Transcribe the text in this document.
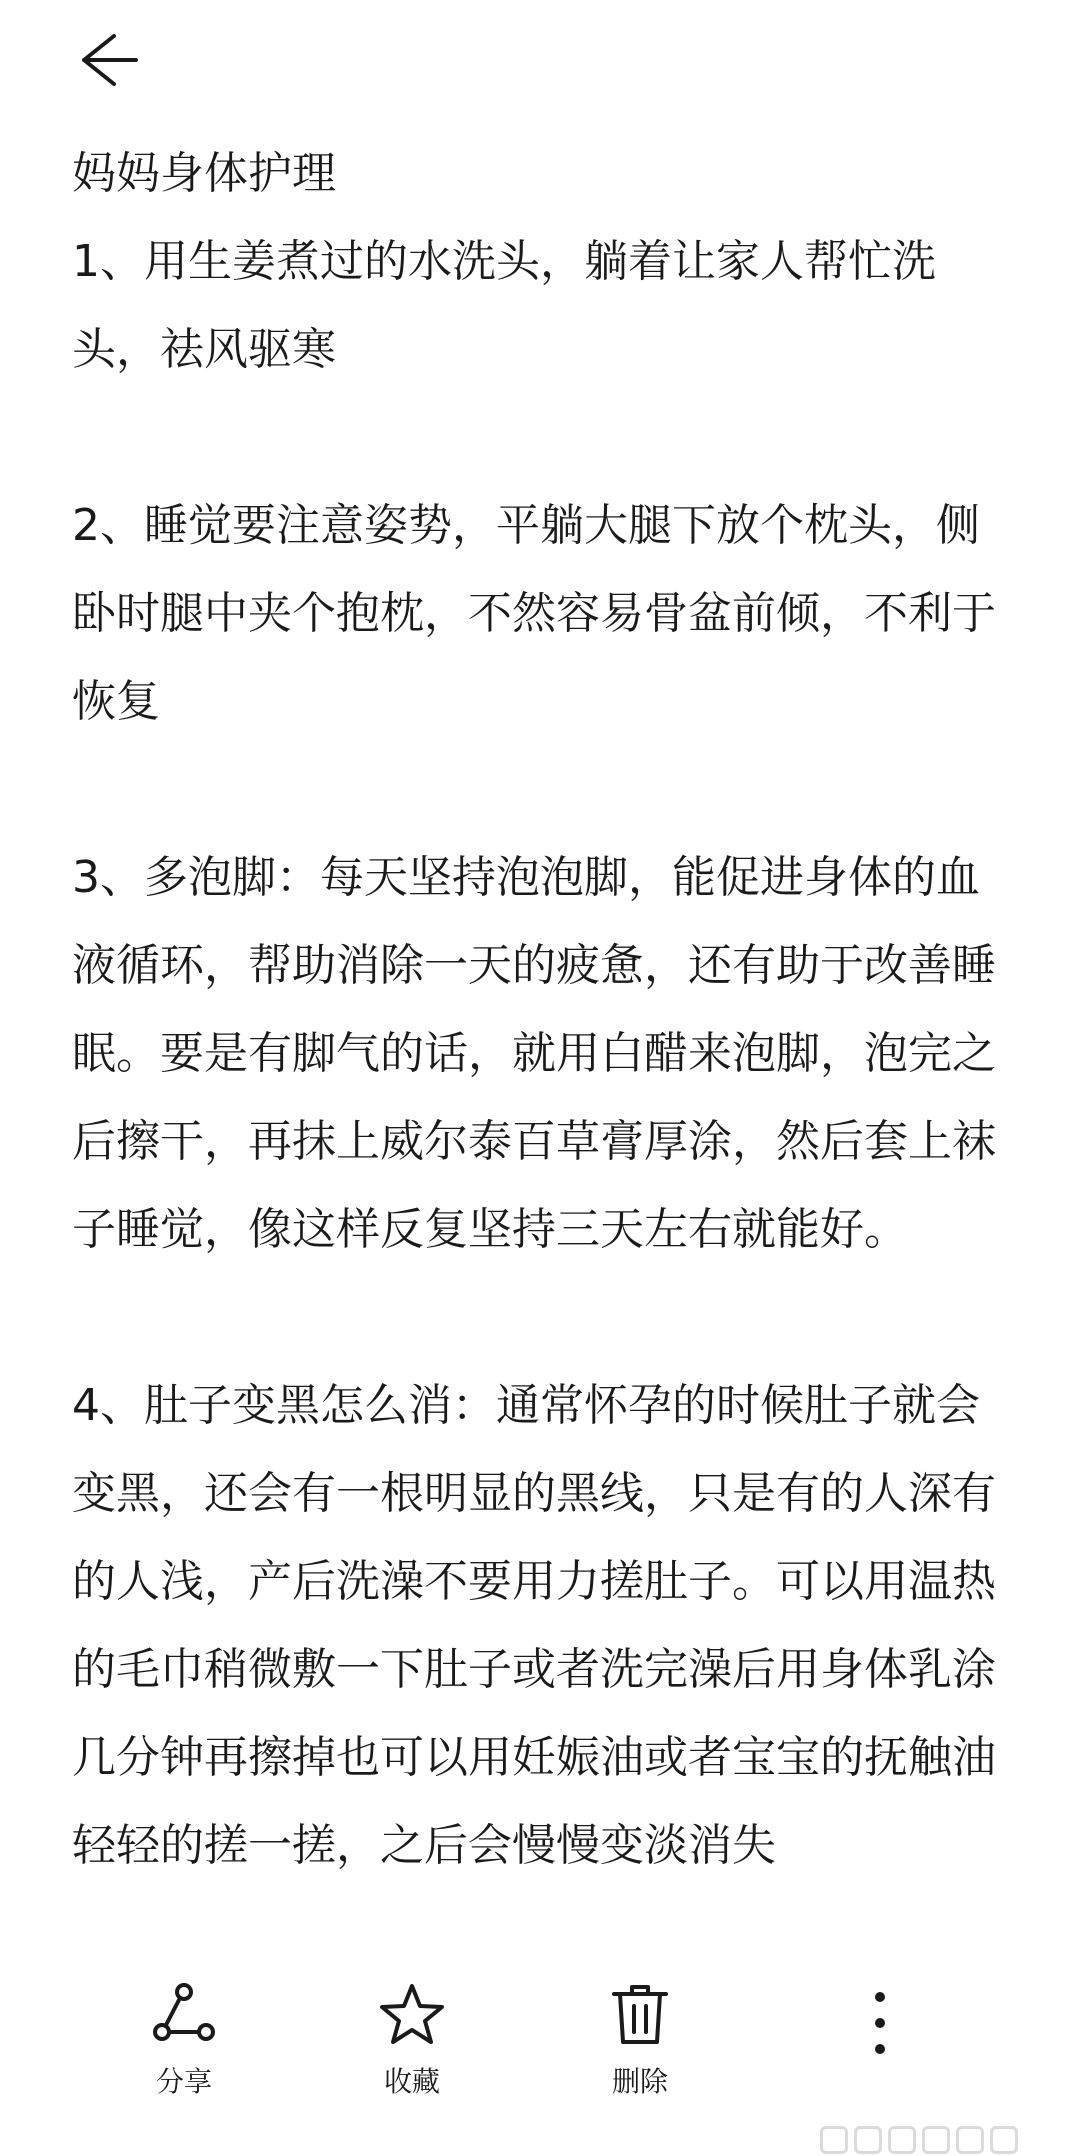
妈妈身体护理

1、用生姜煮过的水洗头，躺着让家人帮忙洗头，祛风驱寒

2、睡觉要注意姿势，平躺大腿下放个枕头，侧卧时腿中夹个抱枕，不然容易骨盆前倾，不利于恢复

3、多泡脚：每天坚持泡泡脚，能促进身体的血液循环，帮助消除一天的疲惫，还有助于改善睡眠。要是有脚气的话，就用白醋来泡脚，泡完之后擦干，再抹上威尔泰百草膏厚涂，然后套上袜子睡觉，像这样反复坚持三天左右就能好。

4、肚子变黑怎么消：通常怀孕的时候肚子就会变黑，还会有一根明显的黑线，只是有的人深有的人浅，产后洗澡不要用力搓肚子。可以用温热的毛巾稍微敷一下肚子或者洗完澡后用身体乳涂几分钟再擦掉也可以用妊娠油或者宝宝的抚触油轻轻的搓一搓，之后会慢慢变淡消失

分享	收藏	删除
